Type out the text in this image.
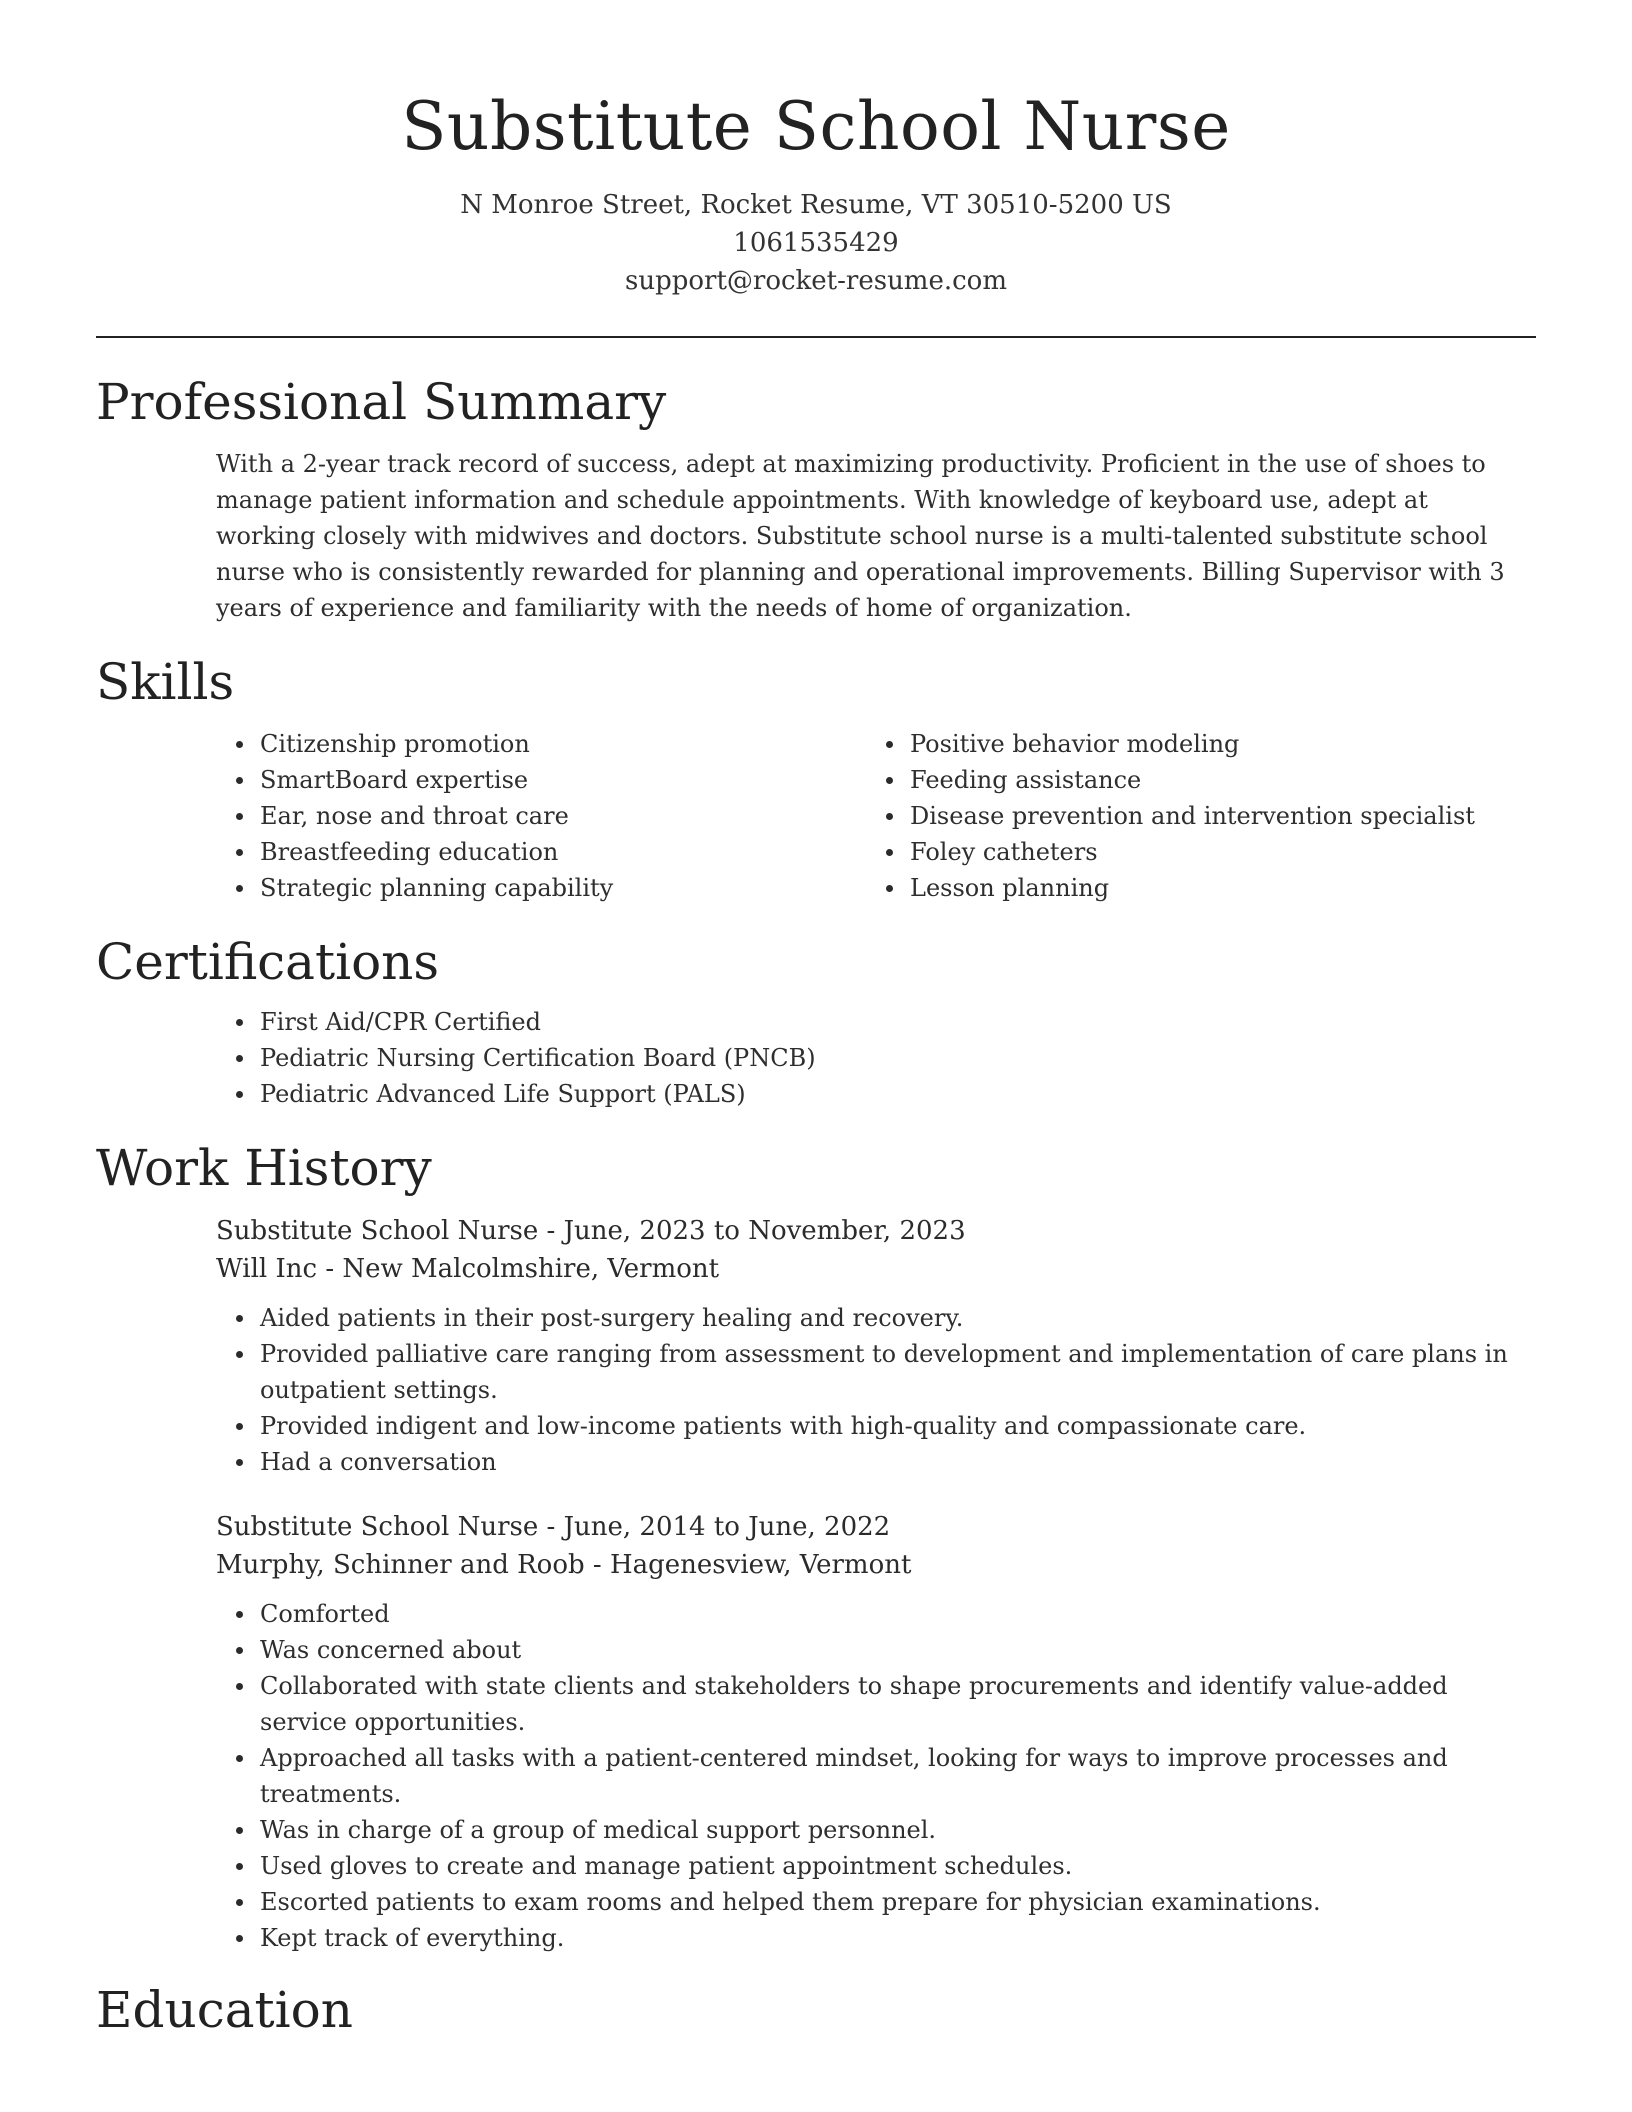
Substitute School Nurse
N Monroe Street, Rocket Resume, VT 30510-5200 US
1061535429
support@rocket-resume.com
Professional Summary

With a 2-year track record of success, adept at maximizing productivity. Proficient in the use of shoes to manage patient information and schedule appointments. With knowledge of keyboard use, adept at working closely with midwives and doctors. Substitute school nurse is a multi-talented substitute school nurse who is consistently rewarded for planning and operational improvements. Billing Supervisor with 3 years of experience and familiarity with the needs of home of organization.

Skills
Citizenship promotion
SmartBoard expertise
Ear, nose and throat care
Breastfeeding education
Strategic planning capability
Positive behavior modeling
Feeding assistance
Disease prevention and intervention specialist
Foley catheters
Lesson planning
Certifications
First Aid/CPR Certified
Pediatric Nursing Certification Board (PNCB)
Pediatric Advanced Life Support (PALS)
Work History
Substitute School Nurse - June, 2023 to November, 2023
Will Inc - New Malcolmshire, Vermont
Aided patients in their post-surgery healing and recovery.
Provided palliative care ranging from assessment to development and implementation of care plans in outpatient settings.
Provided indigent and low-income patients with high-quality and compassionate care.
Had a conversation
Substitute School Nurse - June, 2014 to June, 2022
Murphy, Schinner and Roob - Hagenesview, Vermont
Comforted
Was concerned about
Collaborated with state clients and stakeholders to shape procurements and identify value-added service opportunities.
Approached all tasks with a patient-centered mindset, looking for ways to improve processes and treatments.
Was in charge of a group of medical support personnel.
Used gloves to create and manage patient appointment schedules.
Escorted patients to exam rooms and helped them prepare for physician examinations.
Kept track of everything.
Education
